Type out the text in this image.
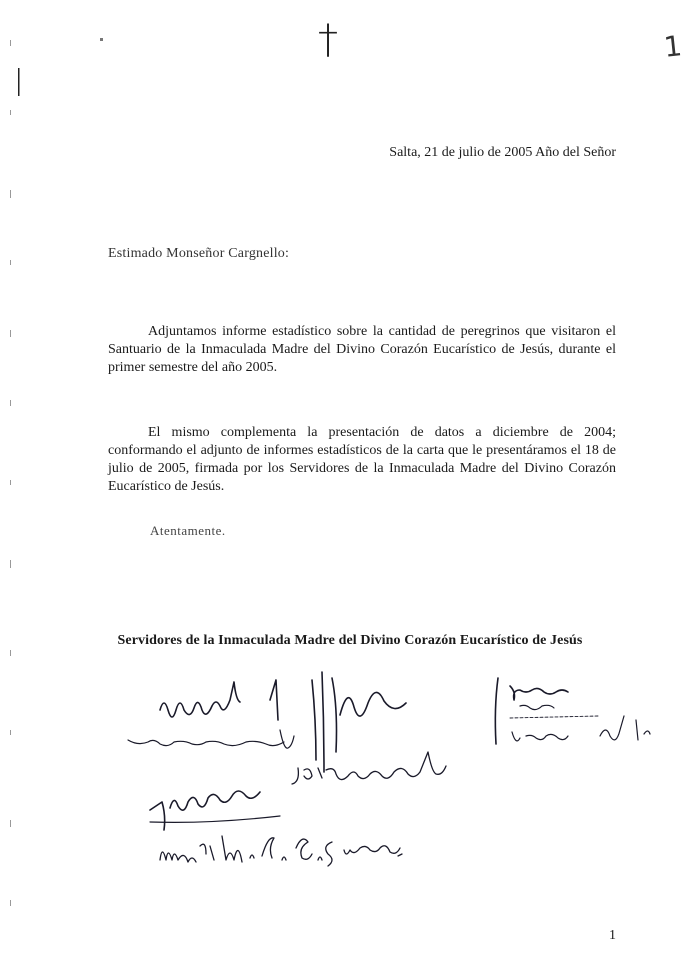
†	1
Salta, 21 de julio de 2005 Año del Señor
Estimado Monseñor Cargnello:
Adjuntamos informe estadístico sobre la cantidad de peregrinos que visitaron el Santuario de la Inmaculada Madre del Divino Corazón Eucarístico de Jesús, durante el primer semestre del año 2005.
El mismo complementa la presentación de datos a diciembre de 2004; conformando el adjunto de informes estadísticos de la carta que le presentáramos el 18 de julio de 2005, firmada por los Servidores de la Inmaculada Madre del Divino Corazón Eucarístico de Jesús.
Atentamente.
Servidores de la Inmaculada Madre del Divino Corazón Eucarístico de Jesús
1
